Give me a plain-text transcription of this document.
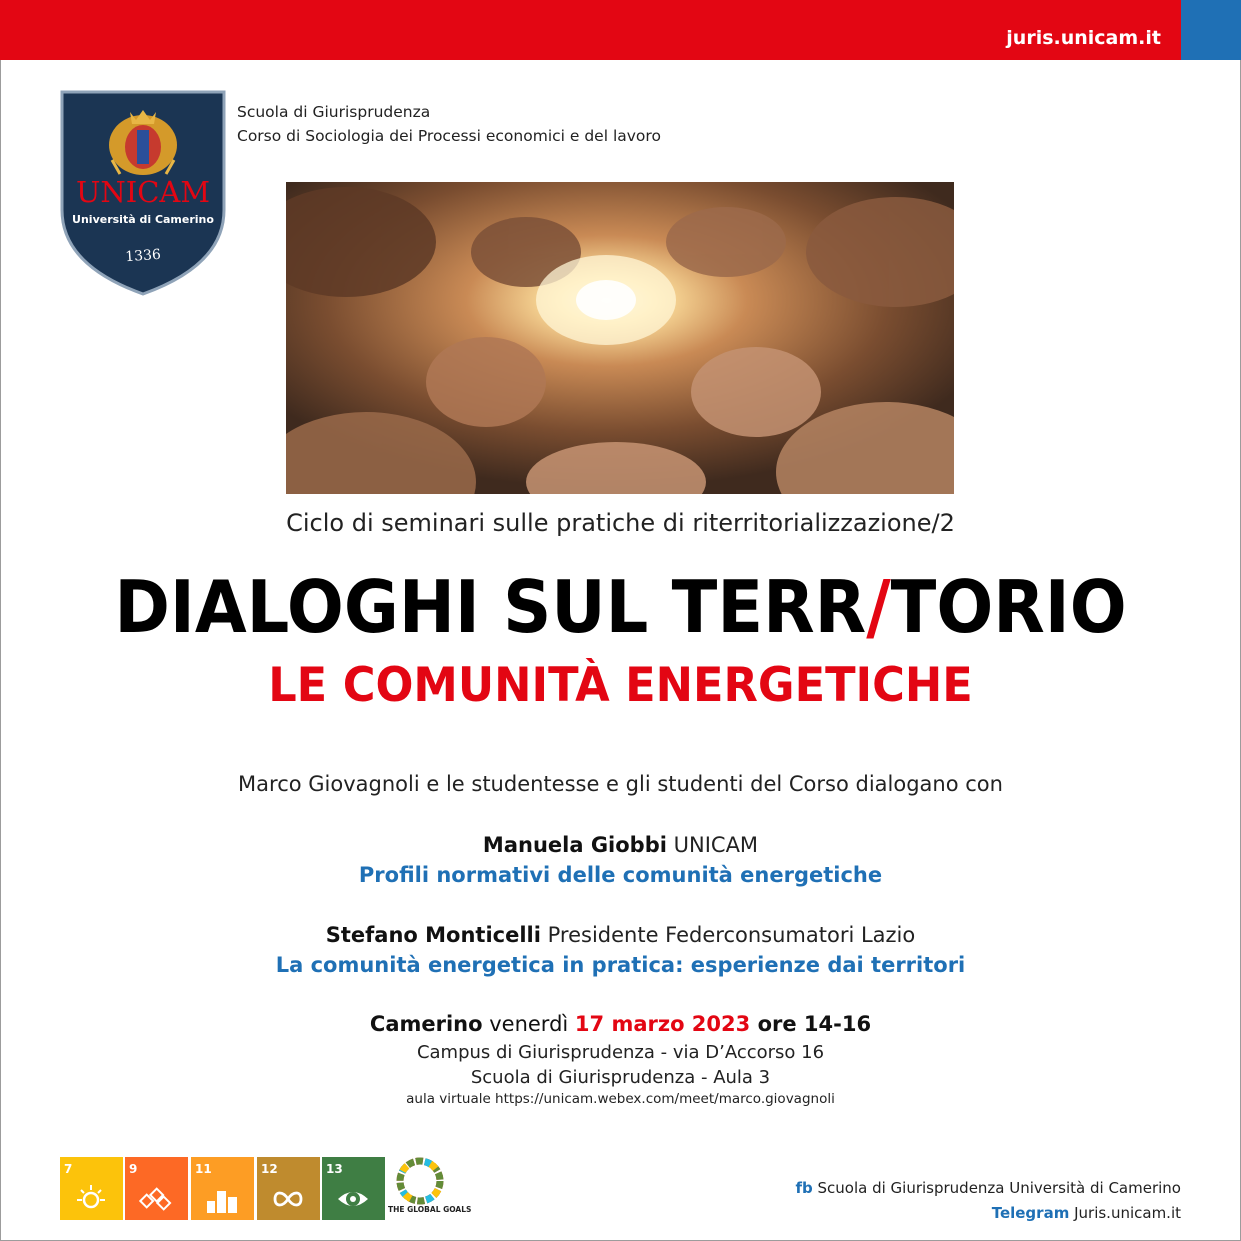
juris.unicam.it
UNICAM
Università di Camerino
1336
Scuola di Giurisprudenza
Corso di Sociologia dei Processi economici e del lavoro
Ciclo di seminari sulle pratiche di riterritorializzazione/2
DIALOGHI SUL TERR/TORIO
LE COMUNITÀ ENERGETICHE
Marco Giovagnoli e le studentesse e gli studenti del Corso dialogano con
Manuela Giobbi UNICAM
Profili normativi delle comunità energetiche
Stefano Monticelli Presidente Federconsumatori Lazio
La comunità energetica in pratica: esperienze dai territori
Camerino venerdì 17 marzo 2023 ore 14-16
Campus di Giurisprudenza - via D’Accorso 16
Scuola di Giurisprudenza - Aula 3
aula virtuale https://unicam.webex.com/meet/marco.giovagnoli
7	9	11	12	13
THE GLOBAL GOALS
fb Scuola di Giurisprudenza Università di Camerino
Telegram Juris.unicam.it
